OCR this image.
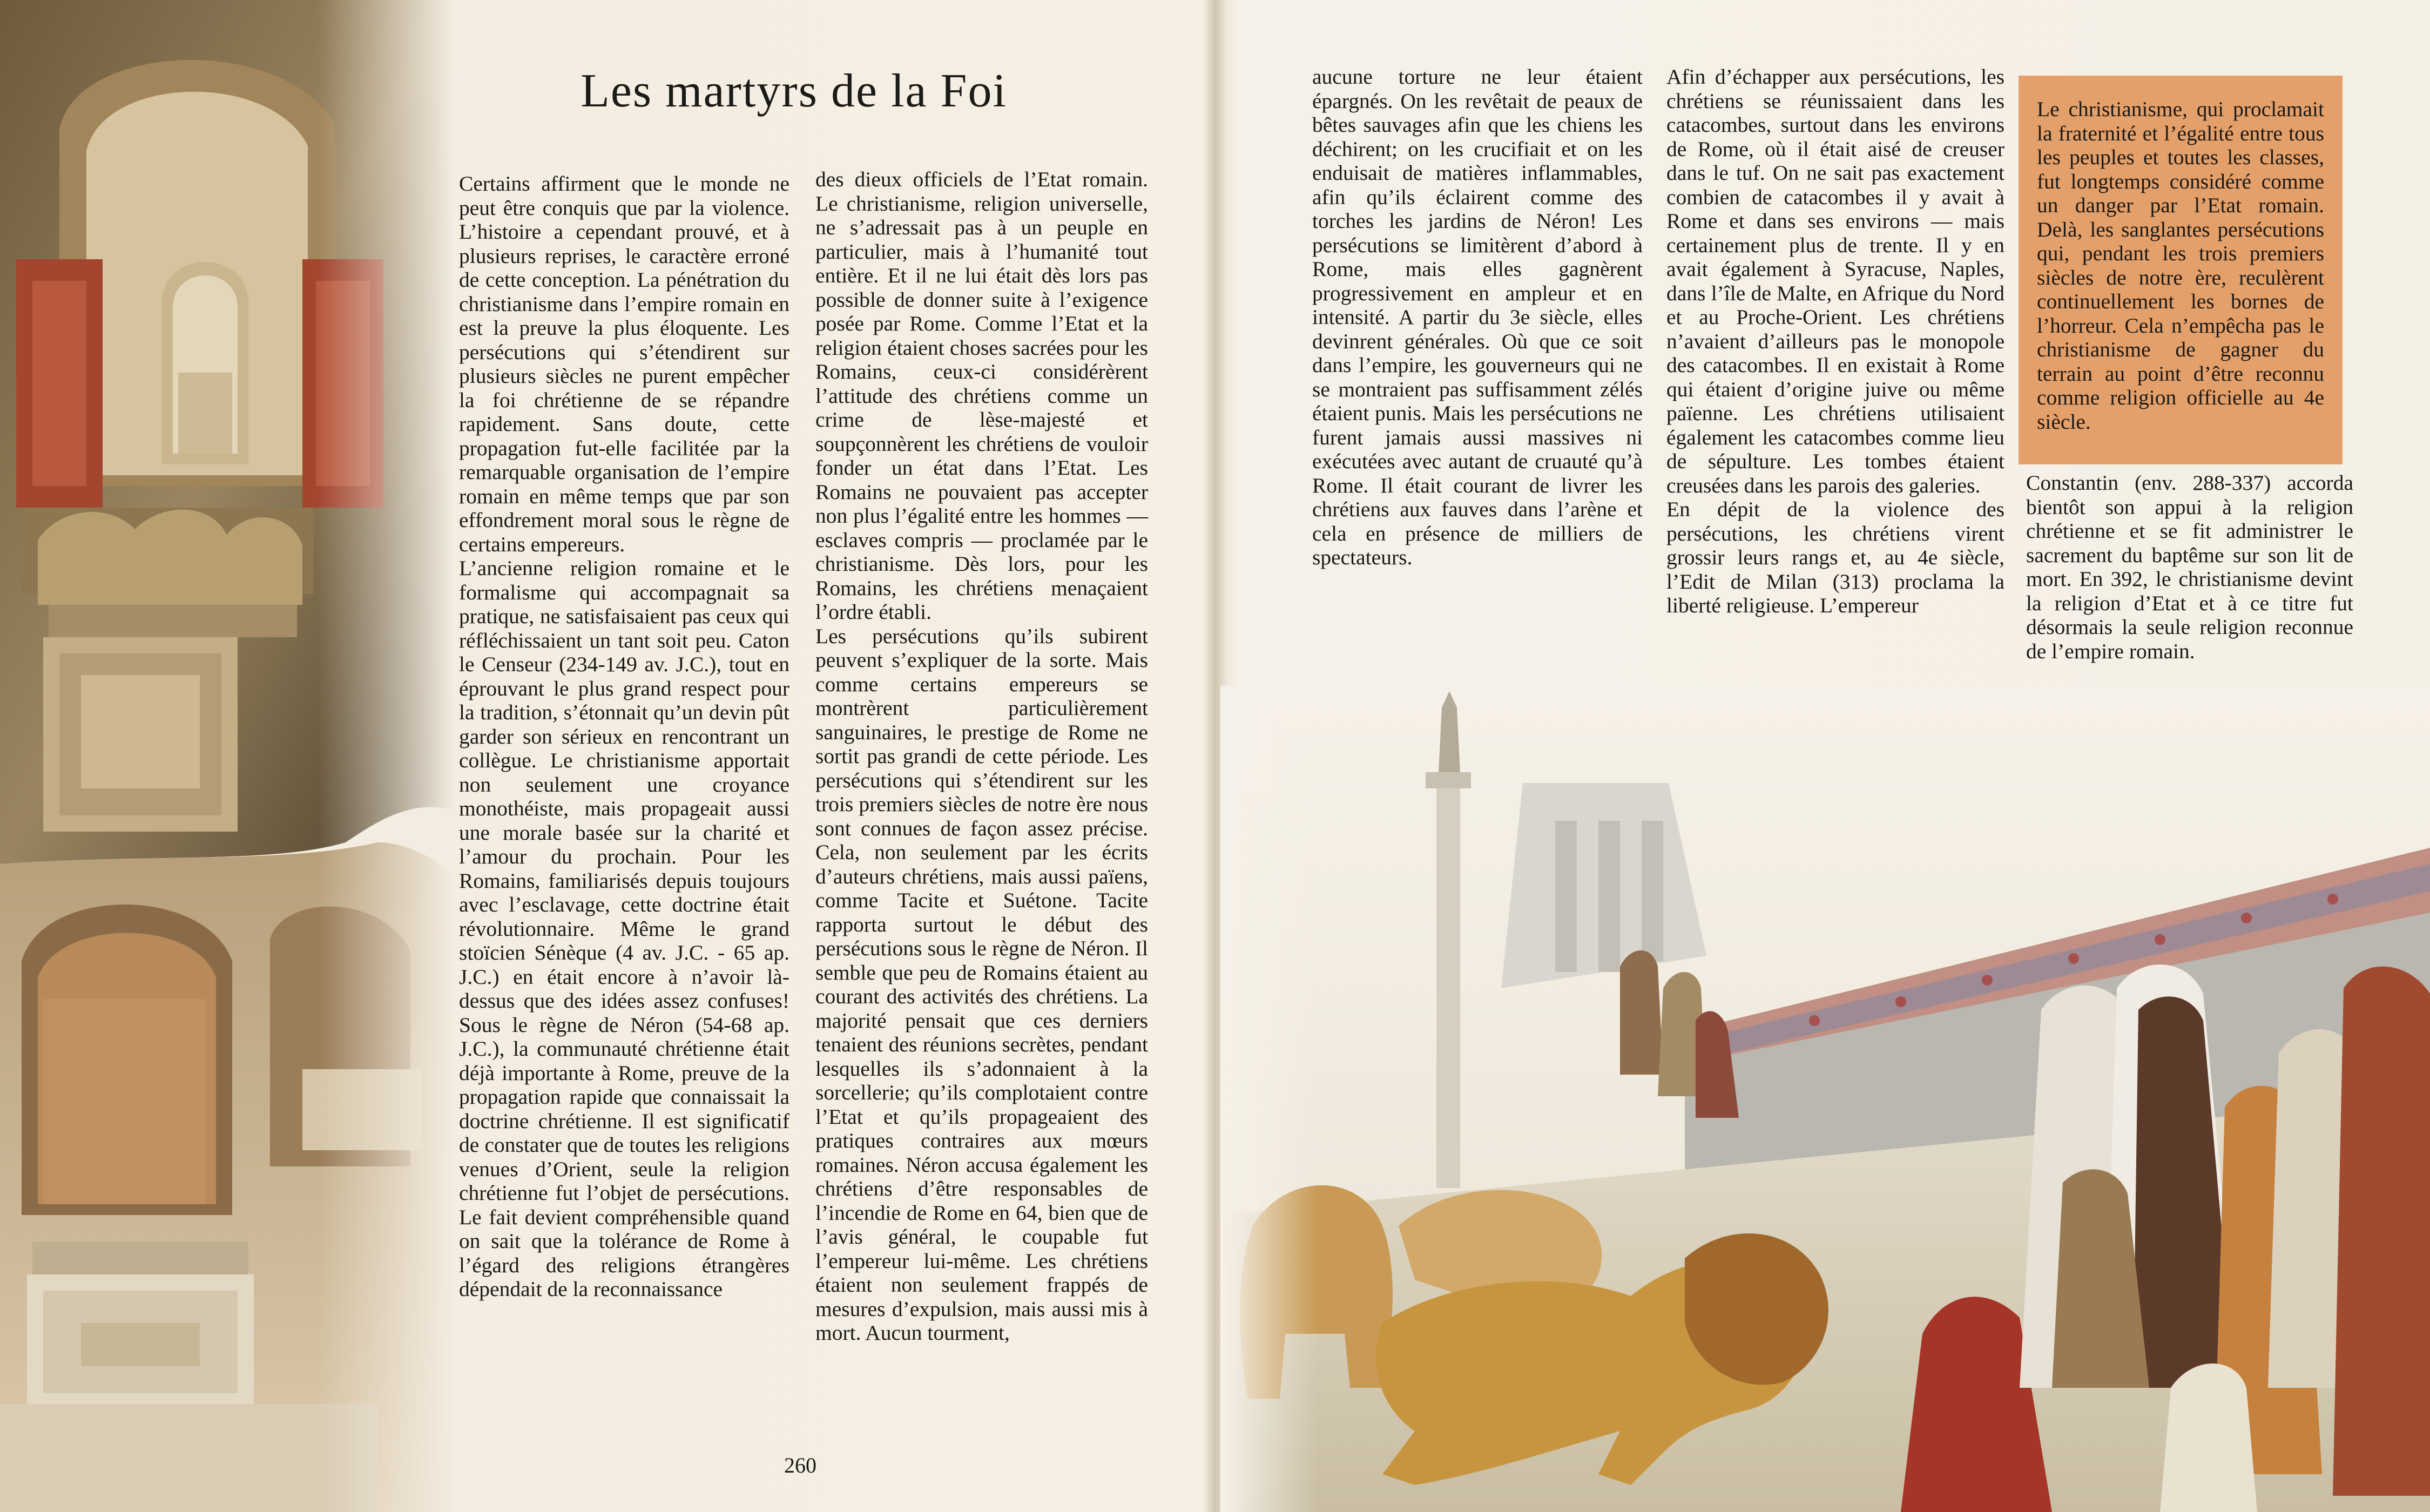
Les martyrs de la Foi

Certains affirment que le monde ne peut être conquis que par la violence. L’histoire a cependant prouvé, et à plusieurs reprises, le caractère erroné de cette conception. La pénétration du christianisme dans l’empire romain en est la preuve la plus éloquente. Les persécutions qui s’étendirent sur plusieurs siècles ne purent empêcher la foi chrétienne de se répandre rapidement. Sans doute, cette propagation fut-elle facilitée par la remarquable organisation de l’empire romain en même temps que par son effondrement moral sous le règne de certains empereurs.

L’ancienne religion romaine et le formalisme qui accompagnait sa pratique, ne satisfaisaient pas ceux qui réfléchissaient un tant soit peu. Caton le Censeur (234-149 av. J.C.), tout en éprouvant le plus grand respect pour la tradition, s’étonnait qu’un devin pût garder son sérieux en rencontrant un collègue. Le christianisme apportait non seulement une croyance monothéiste, mais propageait aussi une morale basée sur la charité et l’amour du prochain. Pour les Romains, familiarisés depuis toujours avec l’esclavage, cette doctrine était révolutionnaire. Même le grand stoïcien Sénèque (4 av. J.C. - 65 ap. J.C.) en était encore à n’avoir là-dessus que des idées assez confuses! Sous le règne de Néron (54-68 ap. J.C.), la communauté chrétienne était déjà importante à Rome, preuve de la propagation rapide que connaissait la doctrine chrétienne. Il est significatif de constater que de toutes les religions venues d’Orient, seule la religion chrétienne fut l’objet de persécutions. Le fait devient compréhensible quand on sait que la tolérance de Rome à l’égard des religions étrangères dépendait de la reconnaissance

des dieux officiels de l’Etat romain. Le christianisme, religion universelle, ne s’adressait pas à un peuple en particulier, mais à l’humanité tout entière. Et il ne lui était dès lors pas possible de donner suite à l’exigence posée par Rome. Comme l’Etat et la religion étaient choses sacrées pour les Romains, ceux-ci considérèrent l’attitude des chrétiens comme un crime de lèse-majesté et soupçonnèrent les chrétiens de vouloir fonder un état dans l’Etat. Les Romains ne pouvaient pas accepter non plus l’égalité entre les hommes — esclaves compris — proclamée par le christianisme. Dès lors, pour les Romains, les chrétiens menaçaient l’ordre établi.

Les persécutions qu’ils subirent peuvent s’expliquer de la sorte. Mais comme certains empereurs se montrèrent particulièrement sanguinaires, le prestige de Rome ne sortit pas grandi de cette période. Les persécutions qui s’étendirent sur les trois premiers siècles de notre ère nous sont connues de façon assez précise. Cela, non seulement par les écrits d’auteurs chrétiens, mais aussi païens, comme Tacite et Suétone. Tacite rapporta surtout le début des persécutions sous le règne de Néron. Il semble que peu de Romains étaient au courant des activités des chrétiens. La majorité pensait que ces derniers tenaient des réunions secrètes, pendant lesquelles ils s’adonnaient à la sorcellerie; qu’ils complotaient contre l’Etat et qu’ils propageaient des pratiques contraires aux mœurs romaines. Néron accusa également les chrétiens d’être responsables de l’incendie de Rome en 64, bien que de l’avis général, le coupable fut l’empereur lui-même. Les chrétiens étaient non seulement frappés de mesures d’expulsion, mais aussi mis à mort. Aucun tourment,

aucune torture ne leur étaient épargnés. On les revêtait de peaux de bêtes sauvages afin que les chiens les déchirent; on les crucifiait et on les enduisait de matières inflammables, afin qu’ils éclairent comme des torches les jardins de Néron! Les persécutions se limitèrent d’abord à Rome, mais elles gagnèrent progressivement en ampleur et en intensité. A partir du 3e siècle, elles devinrent générales. Où que ce soit dans l’empire, les gouverneurs qui ne se montraient pas suffisamment zélés étaient punis. Mais les persécutions ne furent jamais aussi massives ni exécutées avec autant de cruauté qu’à Rome. Il était courant de livrer les chrétiens aux fauves dans l’arène et cela en présence de milliers de spectateurs.

Afin d’échapper aux persécutions, les chrétiens se réunissaient dans les catacombes, surtout dans les environs de Rome, où il était aisé de creuser dans le tuf. On ne sait pas exactement combien de catacombes il y avait à Rome et dans ses environs — mais certainement plus de trente. Il y en avait également à Syracuse, Naples, dans l’île de Malte, en Afrique du Nord et au Proche-Orient. Les chrétiens n’avaient d’ailleurs pas le monopole des catacombes. Il en existait à Rome qui étaient d’origine juive ou même païenne. Les chrétiens utilisaient également les catacombes comme lieu de sépulture. Les tombes étaient creusées dans les parois des galeries.

En dépit de la violence des persécutions, les chrétiens virent grossir leurs rangs et, au 4e siècle, l’Edit de Milan (313) proclama la liberté religieuse. L’empereur

Le christianisme, qui proclamait la fraternité et l’égalité entre tous les peuples et toutes les classes, fut longtemps considéré comme un danger par l’Etat romain. Delà, les sanglantes persécutions qui, pendant les trois premiers siècles de notre ère, reculèrent continuellement les bornes de l’horreur. Cela n’empêcha pas le christianisme de gagner du terrain au point d’être reconnu comme religion officielle au 4e siècle.

Constantin (env. 288-337) accorda bientôt son appui à la religion chrétienne et se fit administrer le sacrement du baptême sur son lit de mort. En 392, le christianisme devint la religion d’Etat et à ce titre fut désormais la seule religion reconnue de l’empire romain.

260
